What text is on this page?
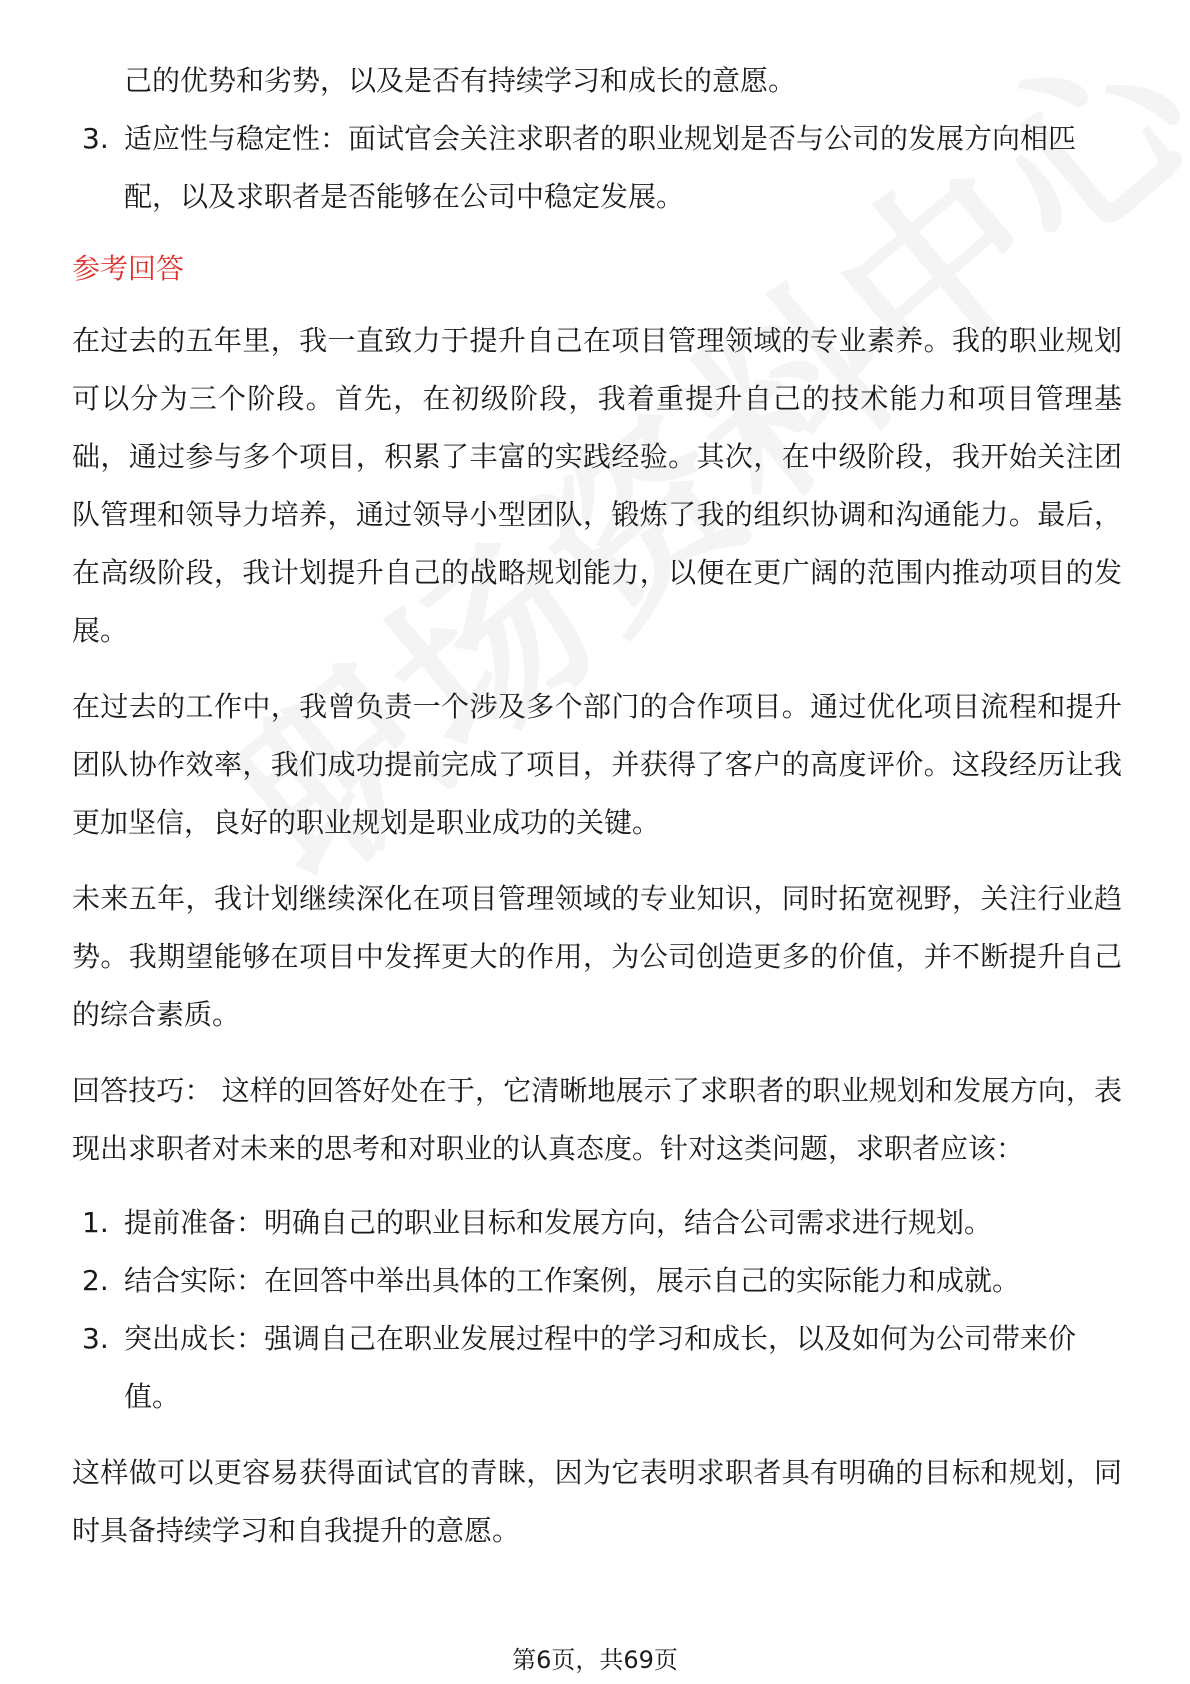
己的优势和劣势，以及是否有持续学习和成长的意愿。

3. 适应性与稳定性：面试官会关注求职者的职业规划是否与公司的发展方向相匹配，以及求职者是否能够在公司中稳定发展。
参考回答

在过去的五年里，我一直致力于提升自己在项目管理领域的专业素养。我的职业规划可以分为三个阶段。首先，在初级阶段，我着重提升自己的技术能力和项目管理基础，通过参与多个项目，积累了丰富的实践经验。其次，在中级阶段，我开始关注团队管理和领导力培养，通过领导小型团队，锻炼了我的组织协调和沟通能力。最后，在高级阶段，我计划提升自己的战略规划能力，以便在更广阔的范围内推动项目的发展。

在过去的工作中，我曾负责一个涉及多个部门的合作项目。通过优化项目流程和提升团队协作效率，我们成功提前完成了项目，并获得了客户的高度评价。这段经历让我更加坚信，良好的职业规划是职业成功的关键。

未来五年，我计划继续深化在项目管理领域的专业知识，同时拓宽视野，关注行业趋势。我期望能够在项目中发挥更大的作用，为公司创造更多的价值，并不断提升自己的综合素质。

回答技巧： 这样的回答好处在于，它清晰地展示了求职者的职业规划和发展方向，表现出求职者对未来的思考和对职业的认真态度。针对这类问题，求职者应该：

1. 提前准备：明确自己的职业目标和发展方向，结合公司需求进行规划。
2. 结合实际：在回答中举出具体的工作案例，展示自己的实际能力和成就。
3. 突出成长：强调自己在职业发展过程中的学习和成长，以及如何为公司带来价值。

这样做可以更容易获得面试官的青睐，因为它表明求职者具有明确的目标和规划，同时具备持续学习和自我提升的意愿。

第6页，共69页
